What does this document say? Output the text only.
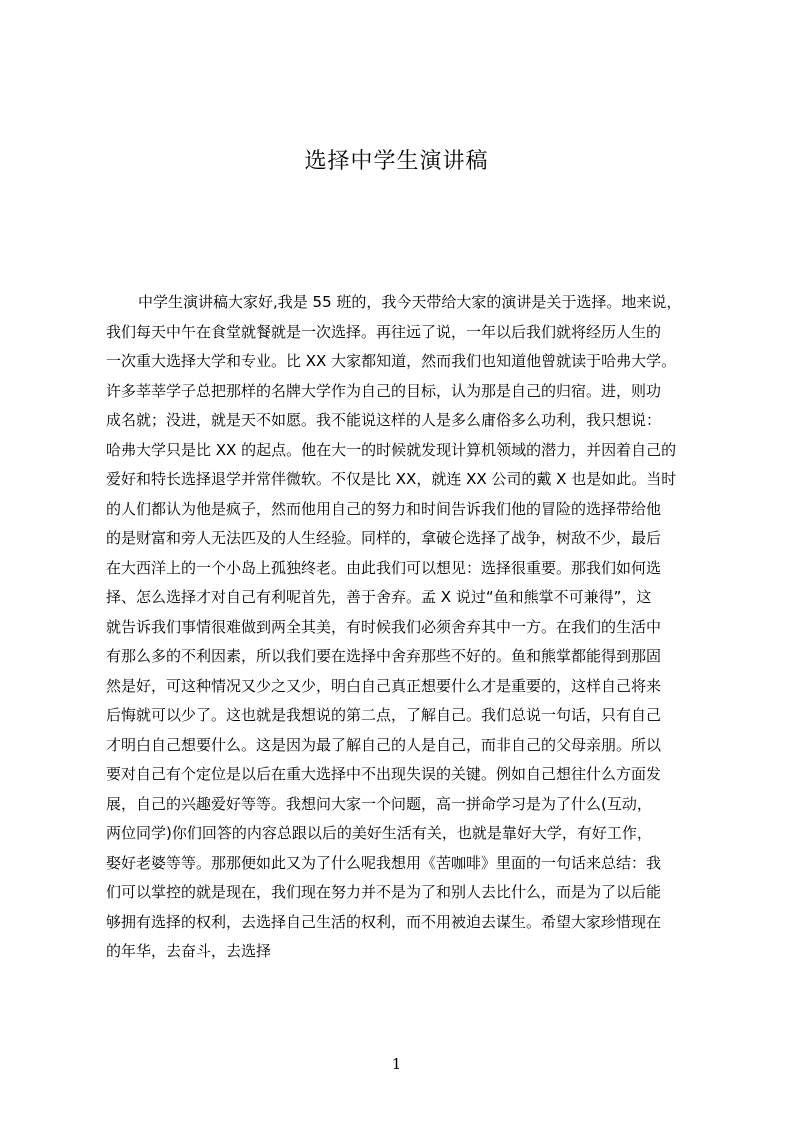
选择中学生演讲稿
中学生演讲稿大家好,我是 55 班的，我今天带给大家的演讲是关于选择。地来说，
我们每天中午在食堂就餐就是一次选择。再往远了说，一年以后我们就将经历人生的
一次重大选择大学和专业。比 XX 大家都知道，然而我们也知道他曾就读于哈弗大学。
许多莘莘学子总把那样的名牌大学作为自己的目标，认为那是自己的归宿。进，则功
成名就；没进，就是天不如愿。我不能说这样的人是多么庸俗多么功利，我只想说：
哈弗大学只是比 XX 的起点。他在大一的时候就发现计算机领域的潜力，并因着自己的
爱好和特长选择退学并常伴微软。不仅是比 XX，就连 XX 公司的戴 X 也是如此。当时
的人们都认为他是疯子，然而他用自己的努力和时间告诉我们他的冒险的选择带给他
的是财富和旁人无法匹及的人生经验。同样的，拿破仑选择了战争，树敌不少，最后
在大西洋上的一个小岛上孤独终老。由此我们可以想见：选择很重要。那我们如何选
择、怎么选择才对自己有利呢首先，善于舍弃。孟 X 说过“鱼和熊掌不可兼得”，这
就告诉我们事情很难做到两全其美，有时候我们必须舍弃其中一方。在我们的生活中
有那么多的不利因素，所以我们要在选择中舍弃那些不好的。鱼和熊掌都能得到那固
然是好，可这种情况又少之又少，明白自己真正想要什么才是重要的，这样自己将来
后悔就可以少了。这也就是我想说的第二点，了解自己。我们总说一句话，只有自己
才明白自己想要什么。这是因为最了解自己的人是自己，而非自己的父母亲朋。所以
要对自己有个定位是以后在重大选择中不出现失误的关键。例如自己想往什么方面发
展，自己的兴趣爱好等等。我想问大家一个问题，高一拼命学习是为了什么(互动，
两位同学)你们回答的内容总跟以后的美好生活有关，也就是靠好大学，有好工作，
娶好老婆等等。那那便如此又为了什么呢我想用《苦咖啡》里面的一句话来总结：我
们可以掌控的就是现在，我们现在努力并不是为了和别人去比什么，而是为了以后能
够拥有选择的权利，去选择自己生活的权利，而不用被迫去谋生。希望大家珍惜现在
的年华，去奋斗，去选择
1
